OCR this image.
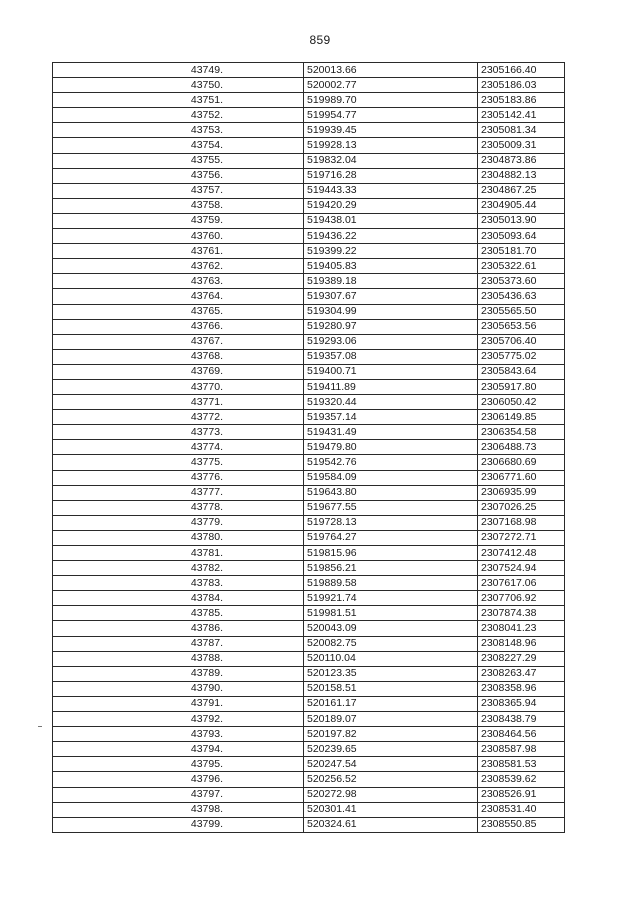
859
43749.	520013.66	2305166.40
43750.	520002.77	2305186.03
43751.	519989.70	2305183.86
43752.	519954.77	2305142.41
43753.	519939.45	2305081.34
43754.	519928.13	2305009.31
43755.	519832.04	2304873.86
43756.	519716.28	2304882.13
43757.	519443.33	2304867.25
43758.	519420.29	2304905.44
43759.	519438.01	2305013.90
43760.	519436.22	2305093.64
43761.	519399.22	2305181.70
43762.	519405.83	2305322.61
43763.	519389.18	2305373.60
43764.	519307.67	2305436.63
43765.	519304.99	2305565.50
43766.	519280.97	2305653.56
43767.	519293.06	2305706.40
43768.	519357.08	2305775.02
43769.	519400.71	2305843.64
43770.	519411.89	2305917.80
43771.	519320.44	2306050.42
43772.	519357.14	2306149.85
43773.	519431.49	2306354.58
43774.	519479.80	2306488.73
43775.	519542.76	2306680.69
43776.	519584.09	2306771.60
43777.	519643.80	2306935.99
43778.	519677.55	2307026.25
43779.	519728.13	2307168.98
43780.	519764.27	2307272.71
43781.	519815.96	2307412.48
43782.	519856.21	2307524.94
43783.	519889.58	2307617.06
43784.	519921.74	2307706.92
43785.	519981.51	2307874.38
43786.	520043.09	2308041.23
43787.	520082.75	2308148.96
43788.	520110.04	2308227.29
43789.	520123.35	2308263.47
43790.	520158.51	2308358.96
43791.	520161.17	2308365.94
43792.	520189.07	2308438.79
43793.	520197.82	2308464.56
43794.	520239.65	2308587.98
43795.	520247.54	2308581.53
43796.	520256.52	2308539.62
43797.	520272.98	2308526.91
43798.	520301.41	2308531.40
43799.	520324.61	2308550.85
